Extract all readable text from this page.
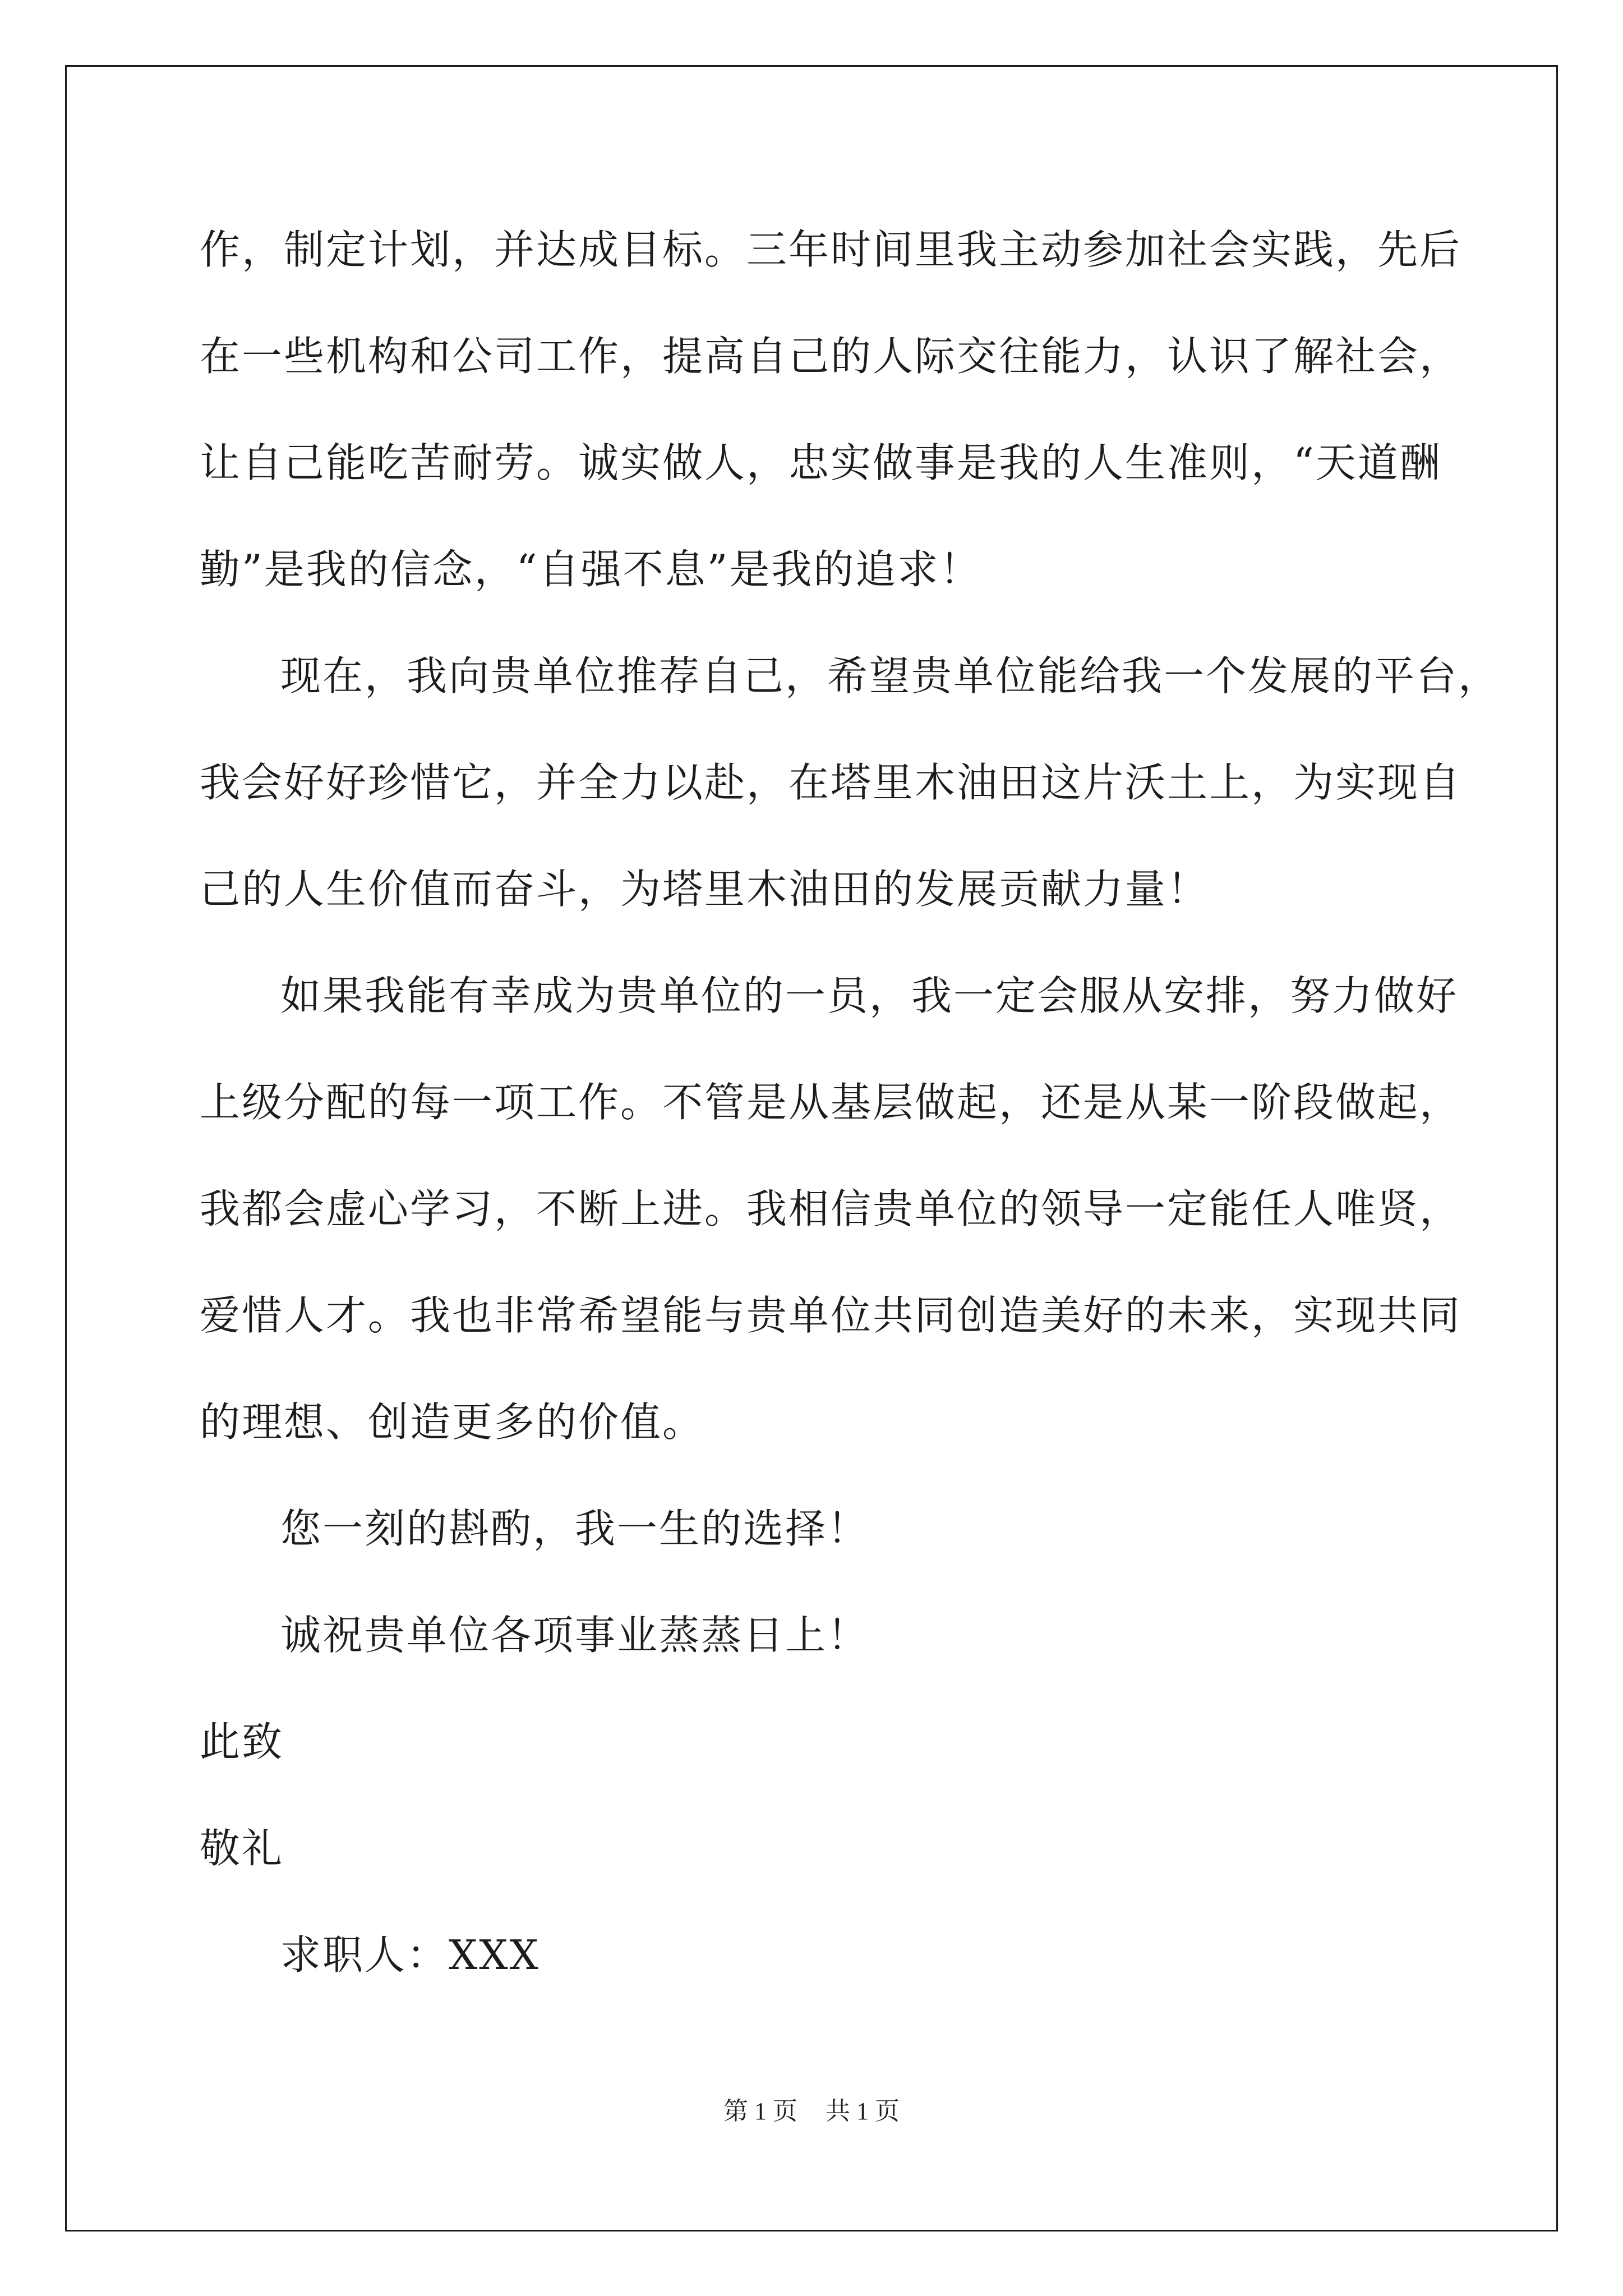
作，制定计划，并达成目标。三年时间里我主动参加社会实践，先后

在一些机构和公司工作，提高自己的人际交往能力，认识了解社会，

让自己能吃苦耐劳。诚实做人，忠实做事是我的人生准则，“天道酬

勤”是我的信念，“自强不息”是我的追求！

现在，我向贵单位推荐自己，希望贵单位能给我一个发展的平台，

我会好好珍惜它，并全力以赴，在塔里木油田这片沃土上，为实现自

己的人生价值而奋斗，为塔里木油田的发展贡献力量！

如果我能有幸成为贵单位的一员，我一定会服从安排，努力做好

上级分配的每一项工作。不管是从基层做起，还是从某一阶段做起，

我都会虚心学习，不断上进。我相信贵单位的领导一定能任人唯贤，

爱惜人才。我也非常希望能与贵单位共同创造美好的未来，实现共同

的理想、创造更多的价值。

您一刻的斟酌，我一生的选择！

诚祝贵单位各项事业蒸蒸日上！

此致

敬礼

求职人：XXX

第 1 页 共 1 页
